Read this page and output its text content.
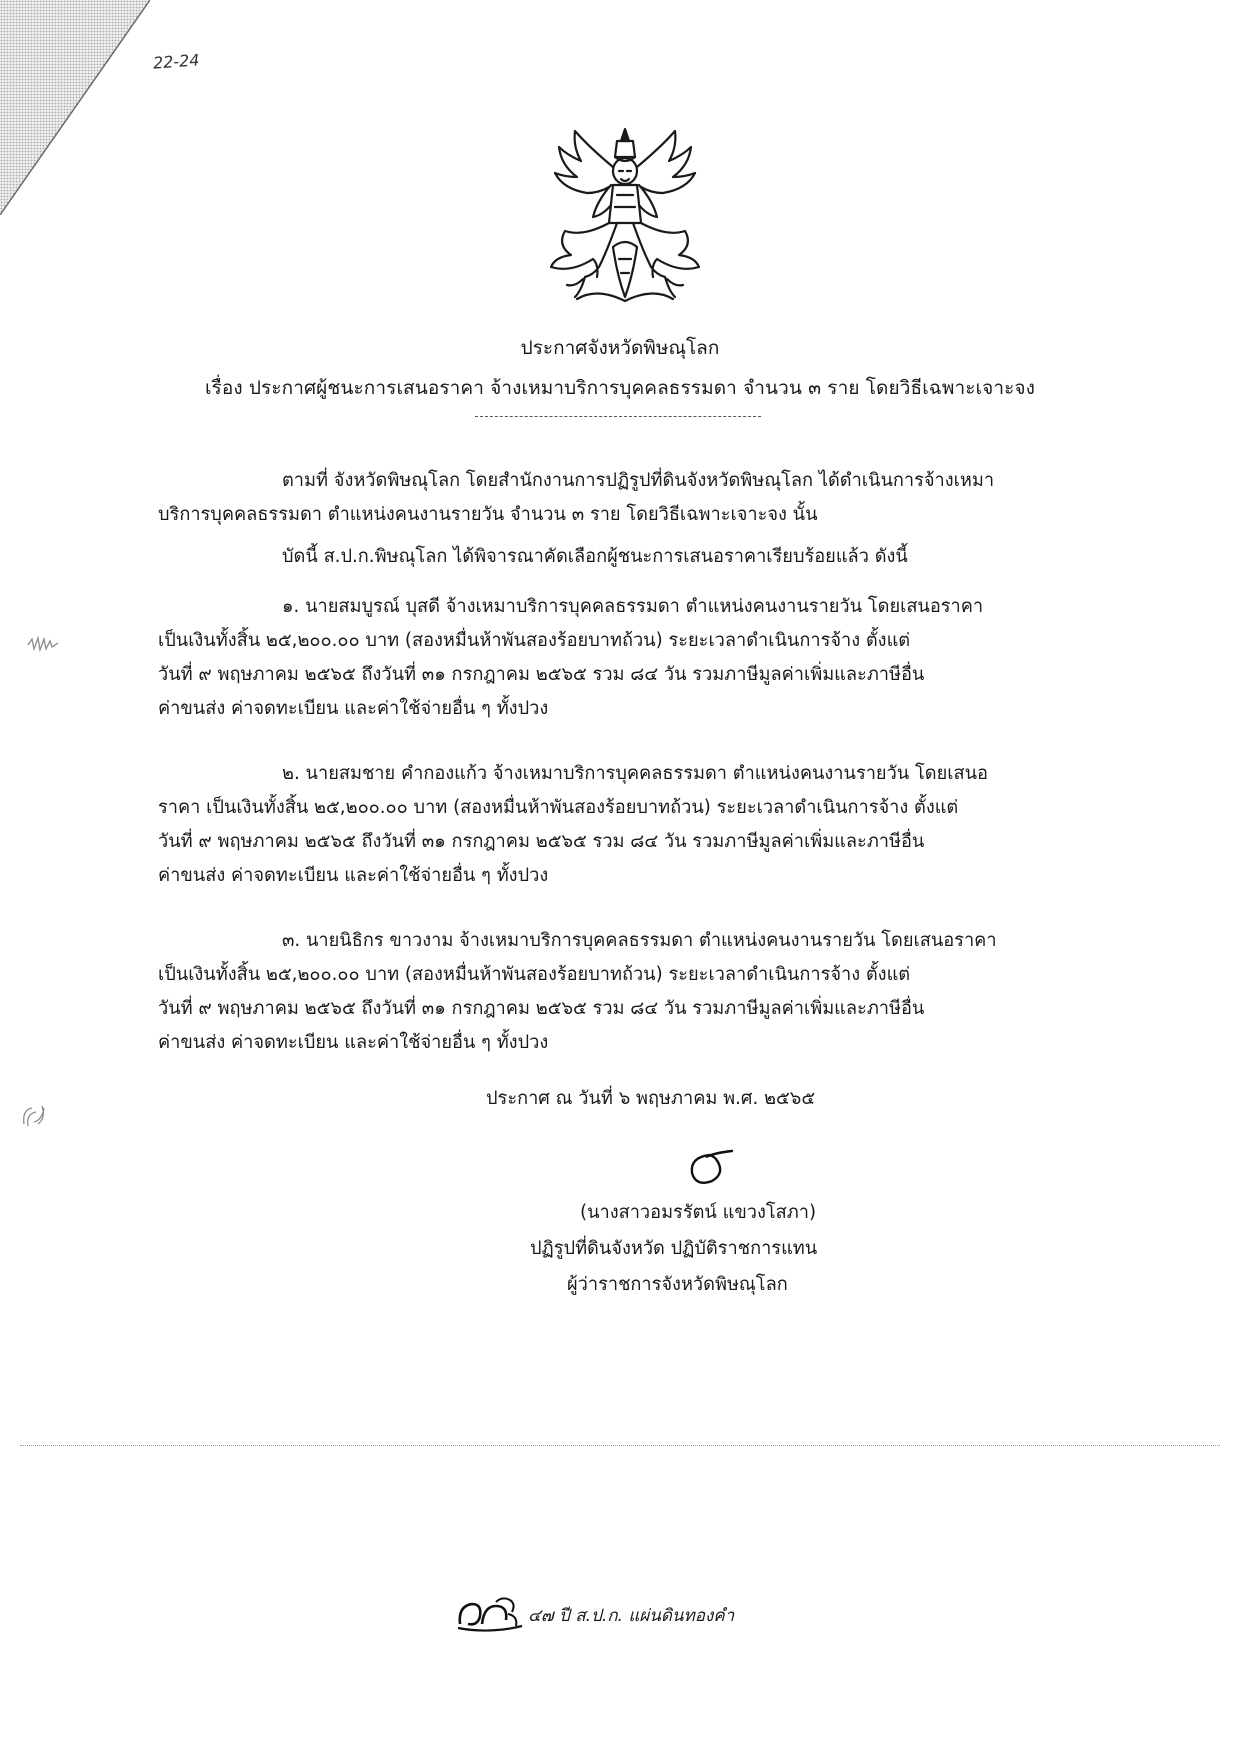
22-24
ประกาศจังหวัดพิษณุโลก
เรื่อง ประกาศผู้ชนะการเสนอราคา จ้างเหมาบริการบุคคลธรรมดา จำนวน ๓ ราย โดยวิธีเฉพาะเจาะจง
ตามที่ จังหวัดพิษณุโลก โดยสำนักงานการปฏิรูปที่ดินจังหวัดพิษณุโลก ได้ดำเนินการจ้างเหมา
บริการบุคคลธรรมดา ตำแหน่งคนงานรายวัน จำนวน ๓ ราย โดยวิธีเฉพาะเจาะจง นั้น
บัดนี้ ส.ป.ก.พิษณุโลก ได้พิจารณาคัดเลือกผู้ชนะการเสนอราคาเรียบร้อยแล้ว ดังนี้
๑. นายสมบูรณ์ บุสดี จ้างเหมาบริการบุคคลธรรมดา ตำแหน่งคนงานรายวัน โดยเสนอราคา
เป็นเงินทั้งสิ้น ๒๕,๒๐๐.๐๐ บาท (สองหมื่นห้าพันสองร้อยบาทถ้วน) ระยะเวลาดำเนินการจ้าง ตั้งแต่
วันที่ ๙ พฤษภาคม ๒๕๖๕ ถึงวันที่ ๓๑ กรกฎาคม ๒๕๖๕ รวม ๘๔ วัน รวมภาษีมูลค่าเพิ่มและภาษีอื่น
ค่าขนส่ง ค่าจดทะเบียน และค่าใช้จ่ายอื่น ๆ ทั้งปวง
๒. นายสมชาย คำกองแก้ว จ้างเหมาบริการบุคคลธรรมดา ตำแหน่งคนงานรายวัน โดยเสนอ
ราคา เป็นเงินทั้งสิ้น ๒๕,๒๐๐.๐๐ บาท (สองหมื่นห้าพันสองร้อยบาทถ้วน) ระยะเวลาดำเนินการจ้าง ตั้งแต่
วันที่ ๙ พฤษภาคม ๒๕๖๕ ถึงวันที่ ๓๑ กรกฎาคม ๒๕๖๕ รวม ๘๔ วัน รวมภาษีมูลค่าเพิ่มและภาษีอื่น
ค่าขนส่ง ค่าจดทะเบียน และค่าใช้จ่ายอื่น ๆ ทั้งปวง
๓. นายนิธิกร ขาวงาม จ้างเหมาบริการบุคคลธรรมดา ตำแหน่งคนงานรายวัน โดยเสนอราคา
เป็นเงินทั้งสิ้น ๒๕,๒๐๐.๐๐ บาท (สองหมื่นห้าพันสองร้อยบาทถ้วน) ระยะเวลาดำเนินการจ้าง ตั้งแต่
วันที่ ๙ พฤษภาคม ๒๕๖๕ ถึงวันที่ ๓๑ กรกฎาคม ๒๕๖๕ รวม ๘๔ วัน รวมภาษีมูลค่าเพิ่มและภาษีอื่น
ค่าขนส่ง ค่าจดทะเบียน และค่าใช้จ่ายอื่น ๆ ทั้งปวง
ประกาศ ณ วันที่ ๖ พฤษภาคม พ.ศ. ๒๕๖๕
(นางสาวอมรรัตน์ แขวงโสภา)
ปฏิรูปที่ดินจังหวัด ปฏิบัติราชการแทน
ผู้ว่าราชการจังหวัดพิษณุโลก
๔๗ ปี ส.ป.ก. แผ่นดินทองคำ
